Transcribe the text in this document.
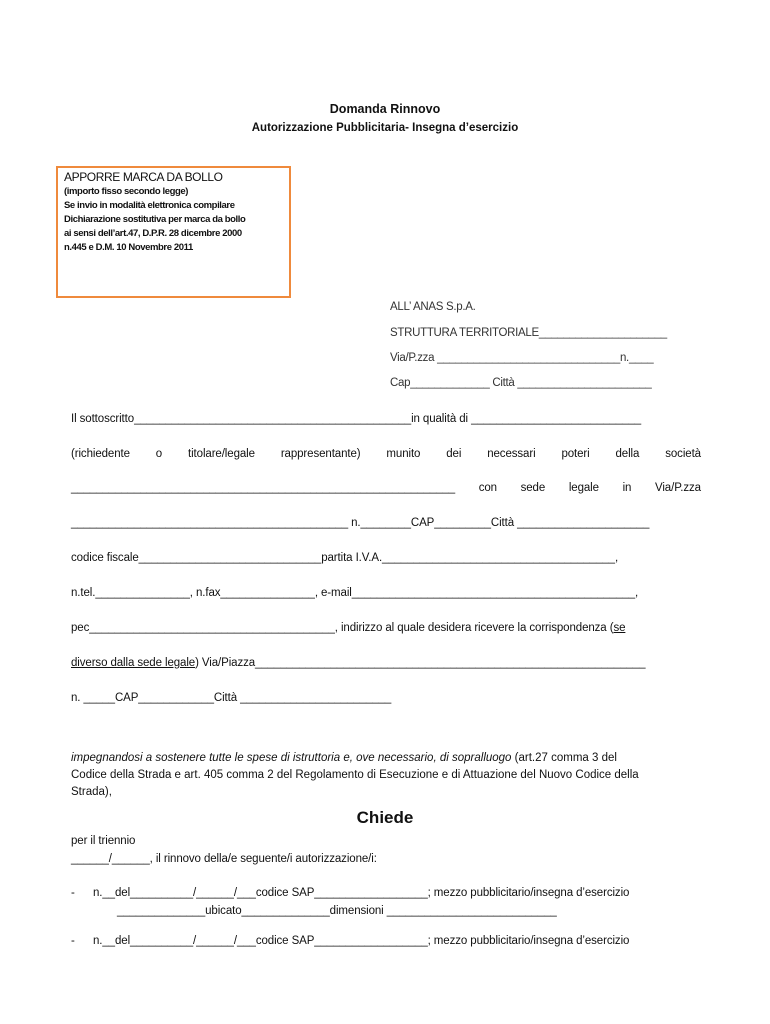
Domanda Rinnovo
Autorizzazione Pubblicitaria- Insegna d’esercizio
APPORRE MARCA DA BOLLO
(importo fisso secondo legge)
Se invio in modalità elettronica compilare
Dichiarazione sostitutiva per marca da bollo
ai sensi dell’art.47, D.P.R. 28 dicembre 2000
n.445 e D.M. 10 Novembre 2011
ALL’ ANAS S.p.A.
STRUTTURA TERRITORIALE_____________________
Via/P.zza ______________________________n.____
Cap_____________ Città ______________________
Il sottoscritto____________________________________________in qualità di ___________________________
(richiedente o titolare/legale rappresentante) munito dei necessari poteri della società
_____________________________________________________________ con sede legale in Via/P.zza
____________________________________________ n.________CAP_________Città _____________________
codice fiscale_____________________________partita I.V.A._____________________________________,
n.tel._______________, n.fax_______________, e-mail_____________________________________________,
pec_______________________________________, indirizzo al quale desidera ricevere la corrispondenza (se
diverso dalla sede legale) Via/Piazza______________________________________________________________
n. _____CAP____________Città ________________________
impegnandosi a sostenere tutte le spese di istruttoria e, ove necessario, di sopralluogo (art.27 comma 3 del
Codice della Strada e art. 405 comma 2 del Regolamento di Esecuzione e di Attuazione del Nuovo Codice della
Strada),
Chiede
per il triennio
______/______, il rinnovo della/e seguente/i autorizzazione/i:
- n.__del__________/______/___codice SAP__________________; mezzo pubblicitario/insegna d’esercizio
______________ubicato______________dimensioni ___________________________
- n.__del__________/______/___codice SAP__________________; mezzo pubblicitario/insegna d’esercizio
